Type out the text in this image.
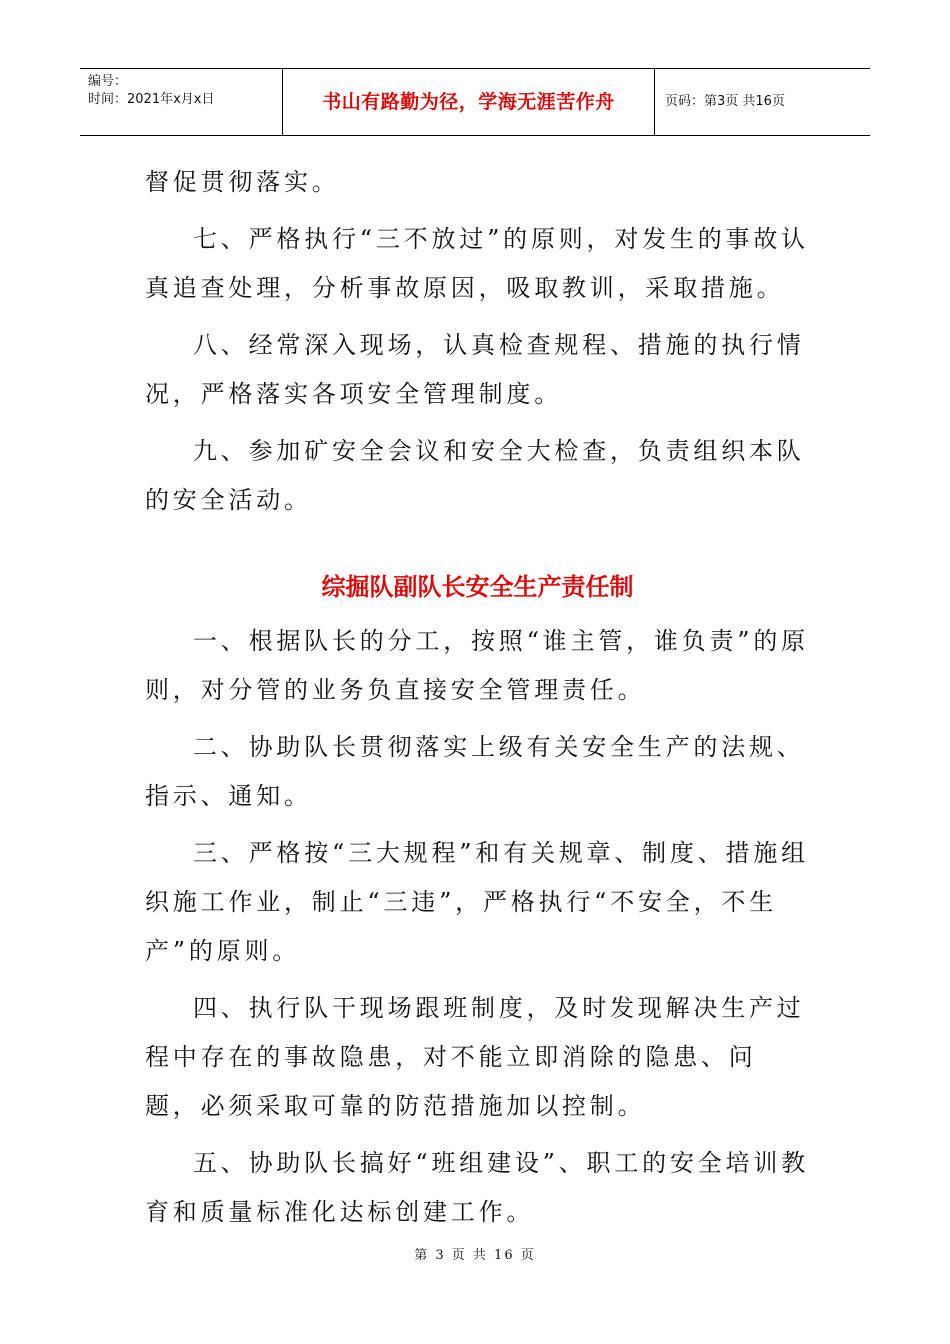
编号：
时间：2021年x月x日	书山有路勤为径，学海无涯苦作舟	页码：第3页 共16页

督促贯彻落实。

七、严格执行“三不放过”的原则，对发生的事故认真追查处理，分析事故原因，吸取教训，采取措施。

八、经常深入现场，认真检查规程、措施的执行情况，严格落实各项安全管理制度。

九、参加矿安全会议和安全大检查，负责组织本队的安全活动。

综掘队副队长安全生产责任制

一、根据队长的分工，按照“谁主管，谁负责”的原则，对分管的业务负直接安全管理责任。

二、协助队长贯彻落实上级有关安全生产的法规、指示、通知。

三、严格按“三大规程”和有关规章、制度、措施组织施工作业，制止“三违”，严格执行“不安全，不生产”的原则。

四、执行队干现场跟班制度，及时发现解决生产过程中存在的事故隐患，对不能立即消除的隐患、问题，必须采取可靠的防范措施加以控制。

五、协助队长搞好“班组建设”、职工的安全培训教育和质量标准化达标创建工作。

第 3 页 共 16 页
